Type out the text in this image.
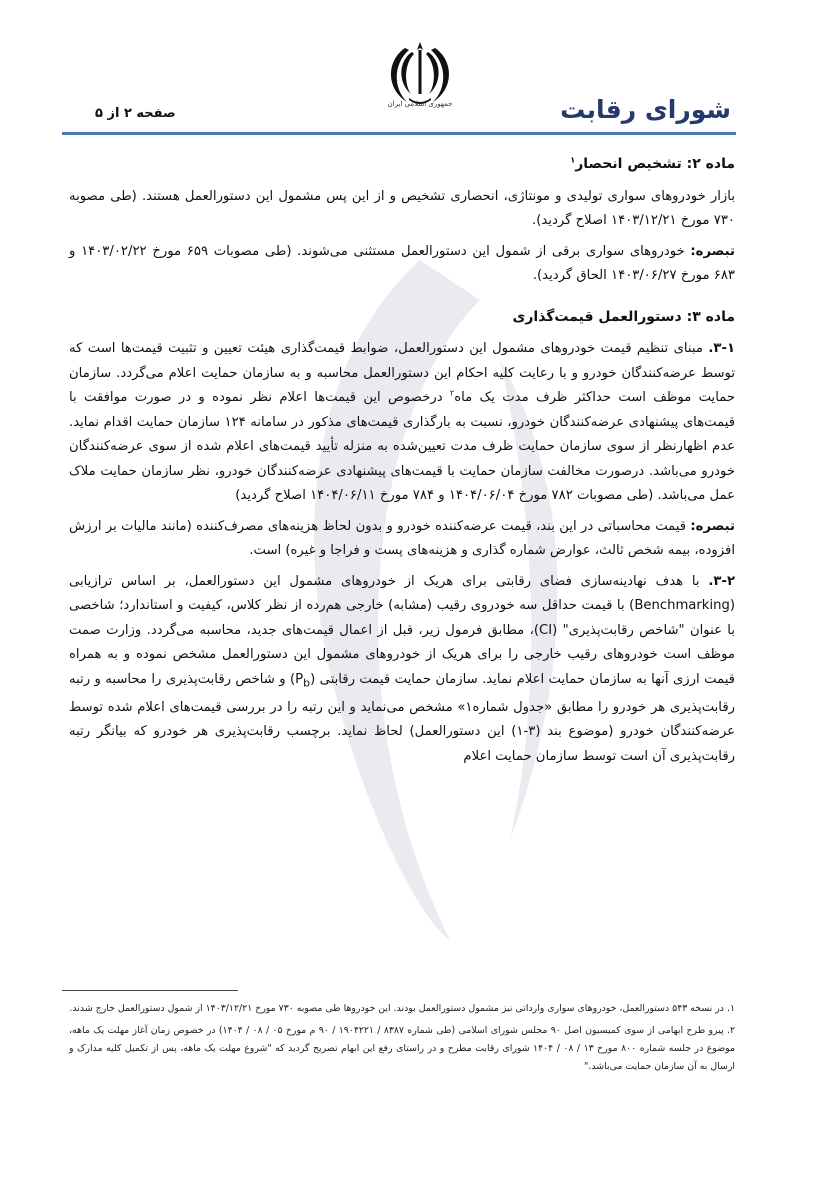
جمهوری اسلامی ایران	شورای رقابت
صفحه ۲ از ۵

ماده ۲: تشخیص انحصار$^۱$

بازار خودروهای سواری تولیدی و مونتاژی، انحصاری تشخیص و از این پس مشمول این دستورالعمل هستند. (طی مصوبه ۷۳۰ مورخ ۱۴۰۳/۱۲/۲۱ اصلاح گردید).

تبصره: خودروهای سواری برقی از شمول این دستورالعمل مستثنی می‌شوند. (طی مصوبات ۶۵۹ مورخ ۱۴۰۳/۰۲/۲۲ و ۶۸۳ مورخ ۱۴۰۳/۰۶/۲۷ الحاق گردید).

ماده ۳: دستورالعمل قیمت‌گذاری

۳-۱. مبنای تنظیم قیمت خودروهای مشمول این دستورالعمل، ضوابط قیمت‌گذاری هیئت تعیین و تثبیت قیمت‌ها است که توسط عرضه‌کنندگان خودرو و با رعایت کلیه احکام این دستورالعمل محاسبه و به سازمان حمایت اعلام می‌گردد. سازمان حمایت موظف است حداکثر ظرف مدت یک ماه$^۲$ درخصوص این قیمت‌ها اعلام نظر نموده و در صورت موافقت با قیمت‌های پیشنهادی عرضه‌کنندگان خودرو، نسبت به بارگذاری قیمت‌های مذکور در سامانه ۱۲۴ سازمان حمایت اقدام نماید. عدم اظهارنظر از سوی سازمان حمایت ظرف مدت تعیین‌شده به منزله تأیید قیمت‌های اعلام شده از سوی عرضه‌کنندگان خودرو می‌باشد. درصورت مخالفت سازمان حمایت با قیمت‌های پیشنهادی عرضه‌کنندگان خودرو، نظر سازمان حمایت ملاک عمل می‌باشد. (طی مصوبات ۷۸۲ مورخ ۱۴۰۴/۰۶/۰۴ و ۷۸۴ مورخ ۱۴۰۴/۰۶/۱۱ اصلاح گردید)

تبصره: قیمت محاسباتی در این بند، قیمت عرضه‌کننده خودرو و بدون لحاظ هزینه‌های مصرف‌کننده (مانند مالیات بر ارزش افزوده، بیمه شخص ثالث، عوارض شماره گذاری و هزینه‌های پست و فراجا و غیره) است.

۳-۲. با هدف نهادینه‌سازی فضای رقابتی برای هریک از خودروهای مشمول این دستورالعمل، بر اساس ترازیابی (Benchmarking) با قیمت حداقل سه خودروی رقیب (مشابه) خارجی هم‌رده از نظر کلاس، کیفیت و استاندارد؛ شاخصی با عنوان "شاخص رقابت‌پذیری" (CI)، مطابق فرمول زیر، قبل از اعمال قیمت‌های جدید، محاسبه می‌گردد. وزارت صمت موظف است خودروهای رقیب خارجی را برای هریک از خودروهای مشمول این دستورالعمل مشخص نموده و به همراه قیمت ارزی آنها به سازمان حمایت اعلام نماید. سازمان حمایت قیمت رقابتی $(P_b)$ و شاخص رقابت‌پذیری را محاسبه و رتبه رقابت‌پذیری هر خودرو را مطابق «جدول شماره۱» مشخص می‌نماید و این رتبه را در بررسی قیمت‌های اعلام شده توسط عرضه‌کنندگان خودرو (موضوع بند (۳-۱) این دستورالعمل) لحاظ نماید. برچسب رقابت‌پذیری هر خودرو که بیانگر رتبه رقابت‌پذیری آن است توسط سازمان حمایت اعلام

۱. در نسخه ۵۴۳ دستورالعمل، خودروهای سواری وارداتی نیز مشمول دستورالعمل بودند. این خودروها طی مصوبه ۷۳۰ مورخ ۱۴۰۳/۱۲/۲۱ از شمول دستورالعمل خارج شدند.

۲. پیرو طرح ابهامی از سوی کمیسیون اصل ۹۰ مجلس شورای اسلامی (طی شماره ۸۳۸۷ / ۱۹۰۴۲۲۱ / ۹۰ م مورخ ۰۵ / ۰۸ / ۱۴۰۴) در خصوص زمان آغاز مهلت یک ماهه، موضوع در جلسه شماره ۸۰۰ مورخ ۱۳ / ۰۸ / ۱۴۰۴ شورای رقابت مطرح و در راستای رفع این ابهام تصریح گردید که "شروع مهلت یک ماهه، پس از تکمیل کلیه مدارک و ارسال به آن سازمان حمایت می‌باشد."
